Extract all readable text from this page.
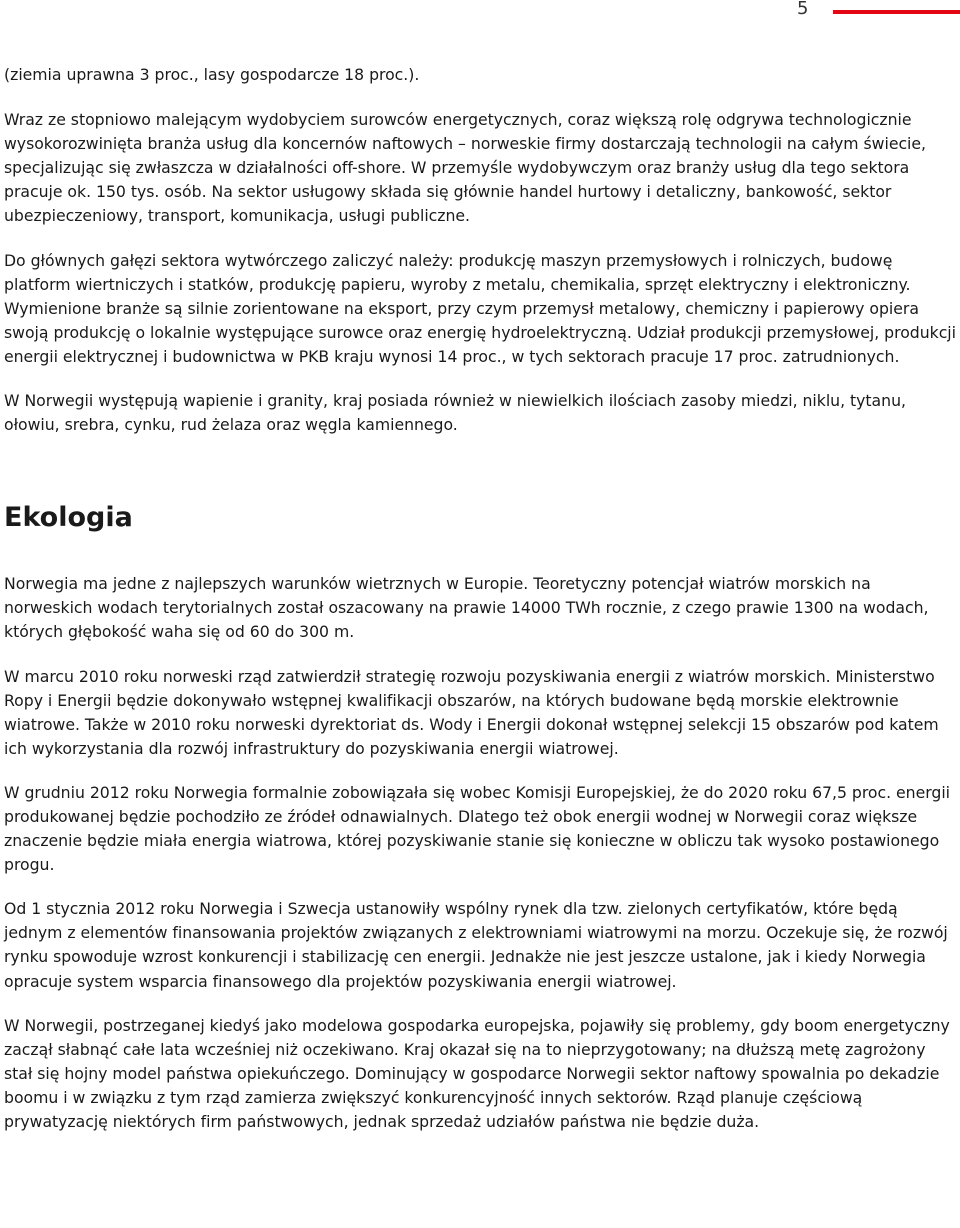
5

(ziemia uprawna 3 proc., lasy gospodarcze 18 proc.).

Wraz ze stopniowo malejącym wydobyciem surowców energetycznych, coraz większą rolę odgrywa technologicznie wysokorozwinięta branża usług dla koncernów naftowych – norweskie firmy dostarczają technologii na całym świecie, specjalizując się zwłaszcza w działalności off-shore. W przemyśle wydobywczym oraz branży usług dla tego sektora pracuje ok. 150 tys. osób. Na sektor usługowy składa się głównie handel hurtowy i detaliczny, bankowość, sektor ubezpieczeniowy, transport, komunikacja, usługi publiczne.

Do głównych gałęzi sektora wytwórczego zaliczyć należy: produkcję maszyn przemysłowych i rolniczych, budowę platform wiertniczych i statków, produkcję papieru, wyroby z metalu, chemikalia, sprzęt elektryczny i elektroniczny. Wymienione branże są silnie zorientowane na eksport, przy czym przemysł metalowy, chemiczny i papierowy opiera swoją produkcję o lokalnie występujące surowce oraz energię hydroelektryczną. Udział produkcji przemysłowej, produkcji energii elektrycznej i budownictwa w PKB kraju wynosi 14 proc., w tych sektorach pracuje 17 proc. zatrudnionych.

W Norwegii występują wapienie i granity, kraj posiada również w niewielkich ilościach zasoby miedzi, niklu, tytanu, ołowiu, srebra, cynku, rud żelaza oraz węgla kamiennego.

Ekologia

Norwegia ma jedne z najlepszych warunków wietrznych w Europie. Teoretyczny potencjał wiatrów morskich na norweskich wodach terytorialnych został oszacowany na prawie 14000 TWh rocznie, z czego prawie 1300 na wodach, których głębokość waha się od 60 do 300 m.

W marcu 2010 roku norweski rząd zatwierdził strategię rozwoju pozyskiwania energii z wiatrów morskich. Ministerstwo Ropy i Energii będzie dokonywało wstępnej kwalifikacji obszarów, na których budowane będą morskie elektrownie wiatrowe. Także w 2010 roku norweski dyrektoriat ds. Wody i Energii dokonał wstępnej selekcji 15 obszarów pod katem ich wykorzystania dla rozwój infrastruktury do pozyskiwania energii wiatrowej.

W grudniu 2012 roku Norwegia formalnie zobowiązała się wobec Komisji Europejskiej, że do 2020 roku 67,5 proc. energii produkowanej będzie pochodziło ze źródeł odnawialnych. Dlatego też obok energii wodnej w Norwegii coraz większe znaczenie będzie miała energia wiatrowa, której pozyskiwanie stanie się konieczne w obliczu tak wysoko postawionego progu.

Od 1 stycznia 2012 roku Norwegia i Szwecja ustanowiły wspólny rynek dla tzw. zielonych certyfikatów, które będą jednym z elementów finansowania projektów związanych z elektrowniami wiatrowymi na morzu. Oczekuje się, że rozwój rynku spowoduje wzrost konkurencji i stabilizację cen energii. Jednakże nie jest jeszcze ustalone, jak i kiedy Norwegia opracuje system wsparcia finansowego dla projektów pozyskiwania energii wiatrowej.

W Norwegii, postrzeganej kiedyś jako modelowa gospodarka europejska, pojawiły się problemy, gdy boom energetyczny zaczął słabnąć całe lata wcześniej niż oczekiwano. Kraj okazał się na to nieprzygotowany; na dłuższą metę zagrożony stał się hojny model państwa opiekuńczego. Dominujący w gospodarce Norwegii sektor naftowy spowalnia po dekadzie boomu i w związku z tym rząd zamierza zwiększyć konkurencyjność innych sektorów. Rząd planuje częściową prywatyzację niektórych firm państwowych, jednak sprzedaż udziałów państwa nie będzie duża.
